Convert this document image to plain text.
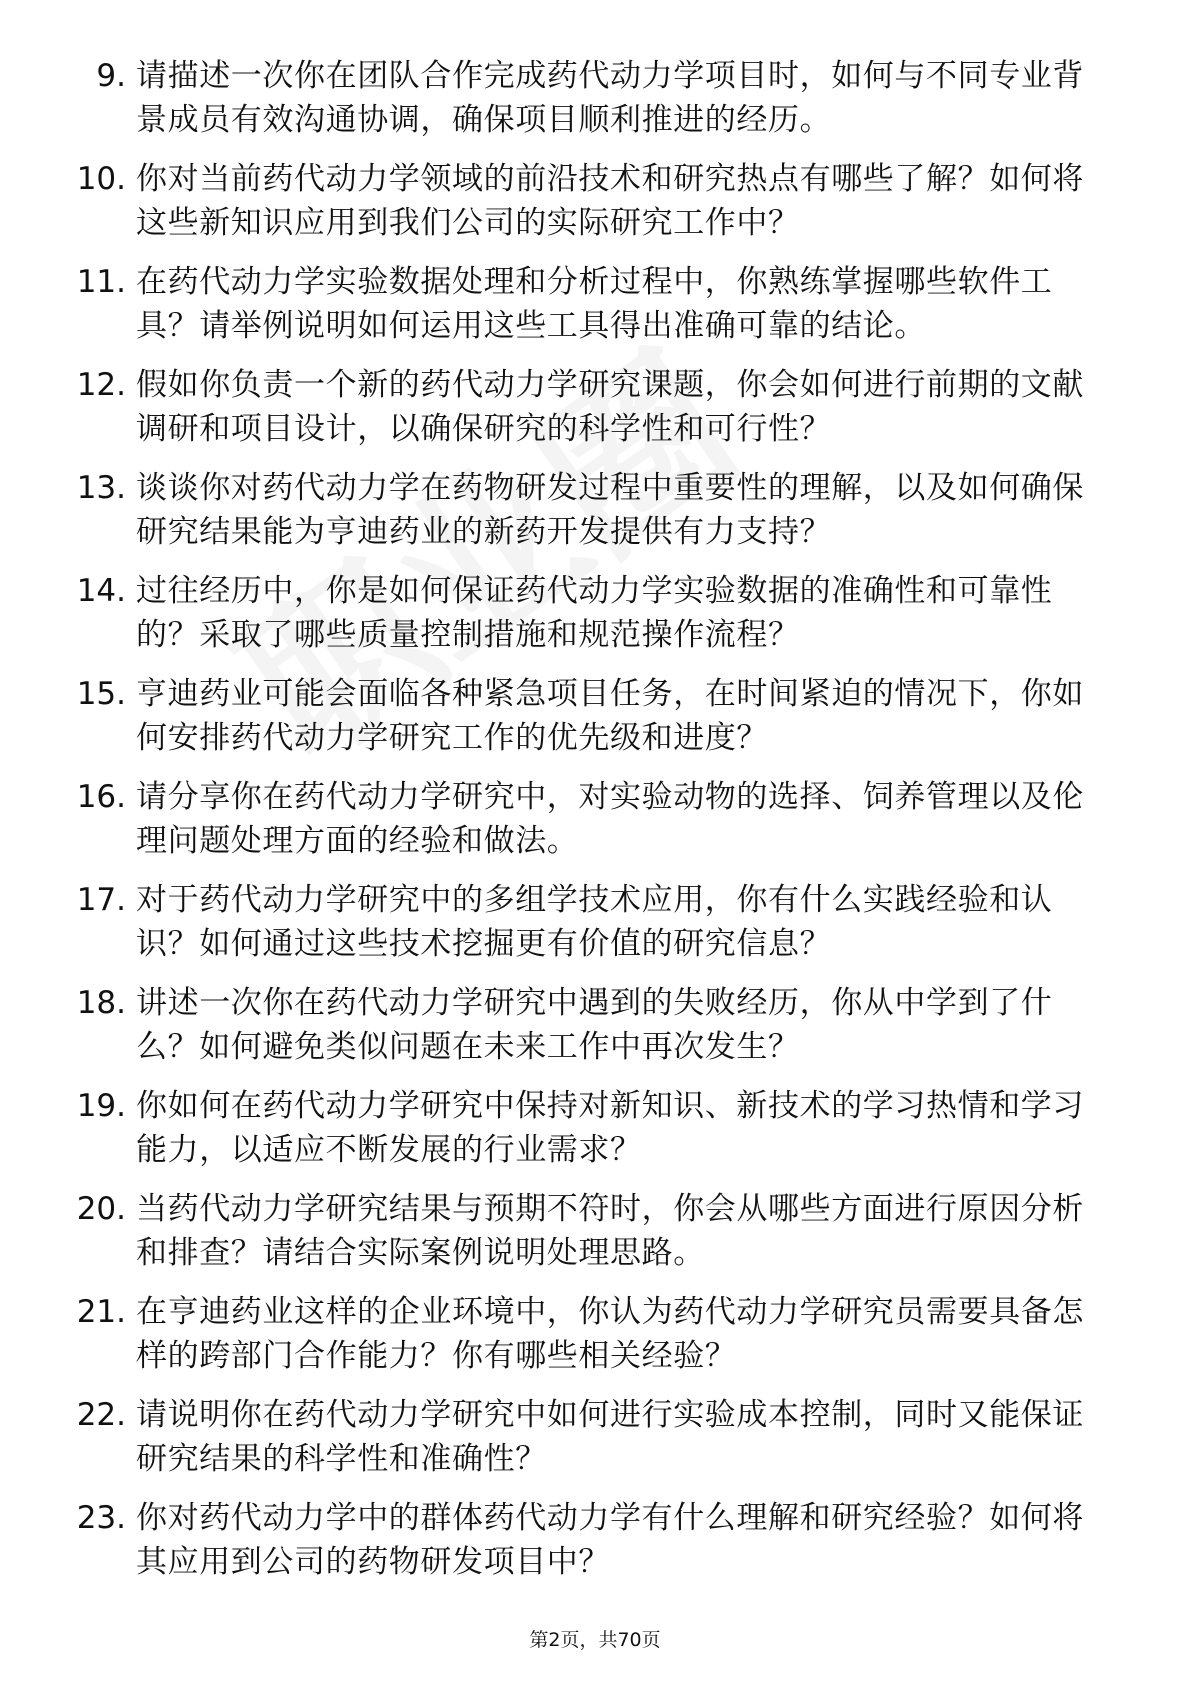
9. 请描述一次你在团队合作完成药代动力学项目时，如何与不同专业背景成员有效沟通协调，确保项目顺利推进的经历。
10. 你对当前药代动力学领域的前沿技术和研究热点有哪些了解？如何将这些新知识应用到我们公司的实际研究工作中？
11. 在药代动力学实验数据处理和分析过程中，你熟练掌握哪些软件工具？请举例说明如何运用这些工具得出准确可靠的结论。
12. 假如你负责一个新的药代动力学研究课题，你会如何进行前期的文献调研和项目设计，以确保研究的科学性和可行性？
13. 谈谈你对药代动力学在药物研发过程中重要性的理解，以及如何确保研究结果能为亨迪药业的新药开发提供有力支持？
14. 过往经历中，你是如何保证药代动力学实验数据的准确性和可靠性的？采取了哪些质量控制措施和规范操作流程？
15. 亨迪药业可能会面临各种紧急项目任务，在时间紧迫的情况下，你如何安排药代动力学研究工作的优先级和进度？
16. 请分享你在药代动力学研究中，对实验动物的选择、饲养管理以及伦理问题处理方面的经验和做法。
17. 对于药代动力学研究中的多组学技术应用，你有什么实践经验和认识？如何通过这些技术挖掘更有价值的研究信息？
18. 讲述一次你在药代动力学研究中遇到的失败经历，你从中学到了什么？如何避免类似问题在未来工作中再次发生？
19. 你如何在药代动力学研究中保持对新知识、新技术的学习热情和学习能力，以适应不断发展的行业需求？
20. 当药代动力学研究结果与预期不符时，你会从哪些方面进行原因分析和排查？请结合实际案例说明处理思路。
21. 在亨迪药业这样的企业环境中，你认为药代动力学研究员需要具备怎样的跨部门合作能力？你有哪些相关经验？
22. 请说明你在药代动力学研究中如何进行实验成本控制，同时又能保证研究结果的科学性和准确性？
23. 你对药代动力学中的群体药代动力学有什么理解和研究经验？如何将其应用到公司的药物研发项目中？
第2页，共70页
